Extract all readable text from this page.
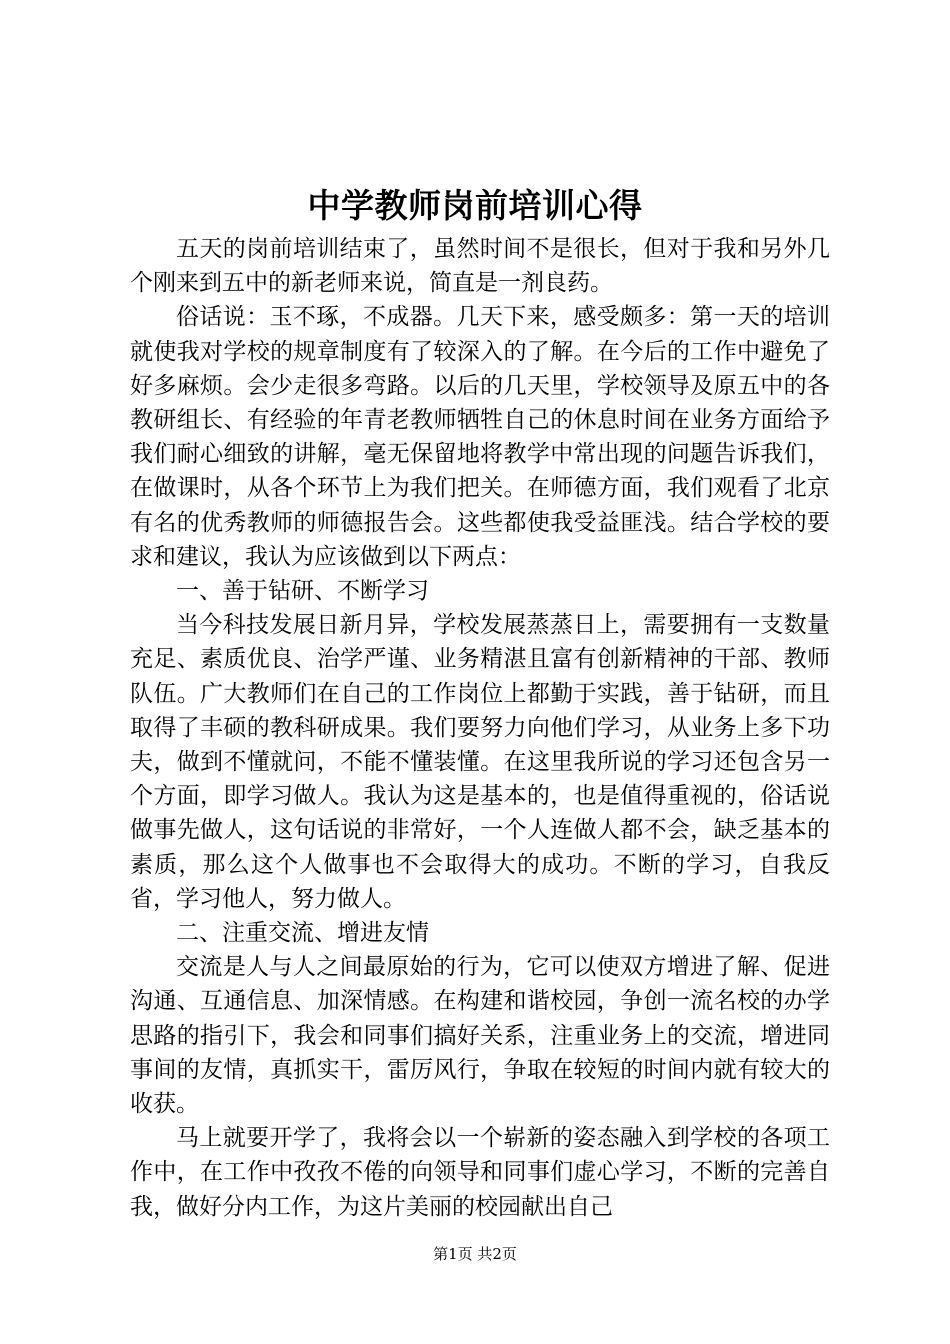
中学教师岗前培训心得

五天的岗前培训结束了，虽然时间不是很长，但对于我和另外几个刚来到五中的新老师来说，简直是一剂良药。

俗话说：玉不琢，不成器。几天下来，感受颇多：第一天的培训就使我对学校的规章制度有了较深入的了解。在今后的工作中避免了好多麻烦。会少走很多弯路。以后的几天里，学校领导及原五中的各教研组长、有经验的年青老教师牺牲自己的休息时间在业务方面给予我们耐心细致的讲解，毫无保留地将教学中常出现的问题告诉我们，在做课时，从各个环节上为我们把关。在师德方面，我们观看了北京有名的优秀教师的师德报告会。这些都使我受益匪浅。结合学校的要求和建议，我认为应该做到以下两点：

一、善于钻研、不断学习

当今科技发展日新月异，学校发展蒸蒸日上，需要拥有一支数量充足、素质优良、治学严谨、业务精湛且富有创新精神的干部、教师队伍。广大教师们在自己的工作岗位上都勤于实践，善于钻研，而且取得了丰硕的教科研成果。我们要努力向他们学习，从业务上多下功夫，做到不懂就问，不能不懂装懂。在这里我所说的学习还包含另一个方面，即学习做人。我认为这是基本的，也是值得重视的，俗话说做事先做人，这句话说的非常好，一个人连做人都不会，缺乏基本的素质，那么这个人做事也不会取得大的成功。不断的学习，自我反省，学习他人，努力做人。

二、注重交流、增进友情

交流是人与人之间最原始的行为，它可以使双方增进了解、促进沟通、互通信息、加深情感。在构建和谐校园，争创一流名校的办学思路的指引下，我会和同事们搞好关系，注重业务上的交流，增进同事间的友情，真抓实干，雷厉风行，争取在较短的时间内就有较大的收获。

马上就要开学了，我将会以一个崭新的姿态融入到学校的各项工作中，在工作中孜孜不倦的向领导和同事们虚心学习，不断的完善自我，做好分内工作，为这片美丽的校园献出自己

第1页 共2页
